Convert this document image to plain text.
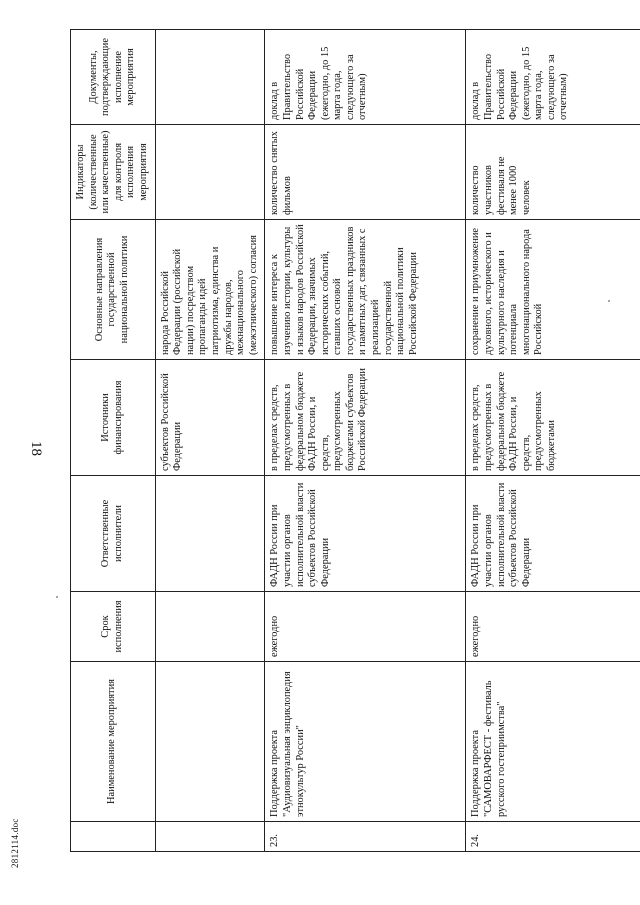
18
2812114.doc
	Наименование мероприятия	Срок исполнения	Ответственные исполнители	Источники финансирования	Основные направления государственной национальной политики	Индикаторы (количественные или качественные) для контроля исполнения мероприятия	Документы, подтверждающие исполнение мероприятия
				субъектов Российской Федерации	народа Российской Федерации (российской нации) посредством пропаганды идей патриотизма, единства и дружбы народов, межнационального (межэтнического) согласия		
23.	Поддержка проекта "Аудиовизуальная энциклопедия этнокультур России"	ежегодно	ФАДН России при участии органов исполнительной власти субъектов Российской Федерации	в пределах средств, предусмотренных в федеральном бюджете ФАДН России, и средств, предусмотренных бюджетами субъектов Российской Федерации	повышение интереса к изучению истории, культуры и языков народов Российской Федерации, значимых исторических событий, ставших основой государственных праздников и памятных дат, связанных с реализацией государственной национальной политики Российской Федерации	количество снятых фильмов	доклад в Правительство Российской Федерации (ежегодно, до 15 марта года, следующего за отчетным)
24.	Поддержка проекта "САМОВАРФЕСТ - фестиваль русского гостеприимства"	ежегодно	ФАДН России при участии органов исполнительной власти субъектов Российской Федерации	в пределах средств, предусмотренных в федеральном бюджете ФАДН России, и средств, предусмотренных бюджетами	сохранение и приумножение духовного, исторического и культурного наследия и потенциала многонационального народа Российской	количество участников фестиваля не менее 1000 человек	доклад в Правительство Российской Федерации (ежегодно, до 15 марта года, следующего за отчетным)
